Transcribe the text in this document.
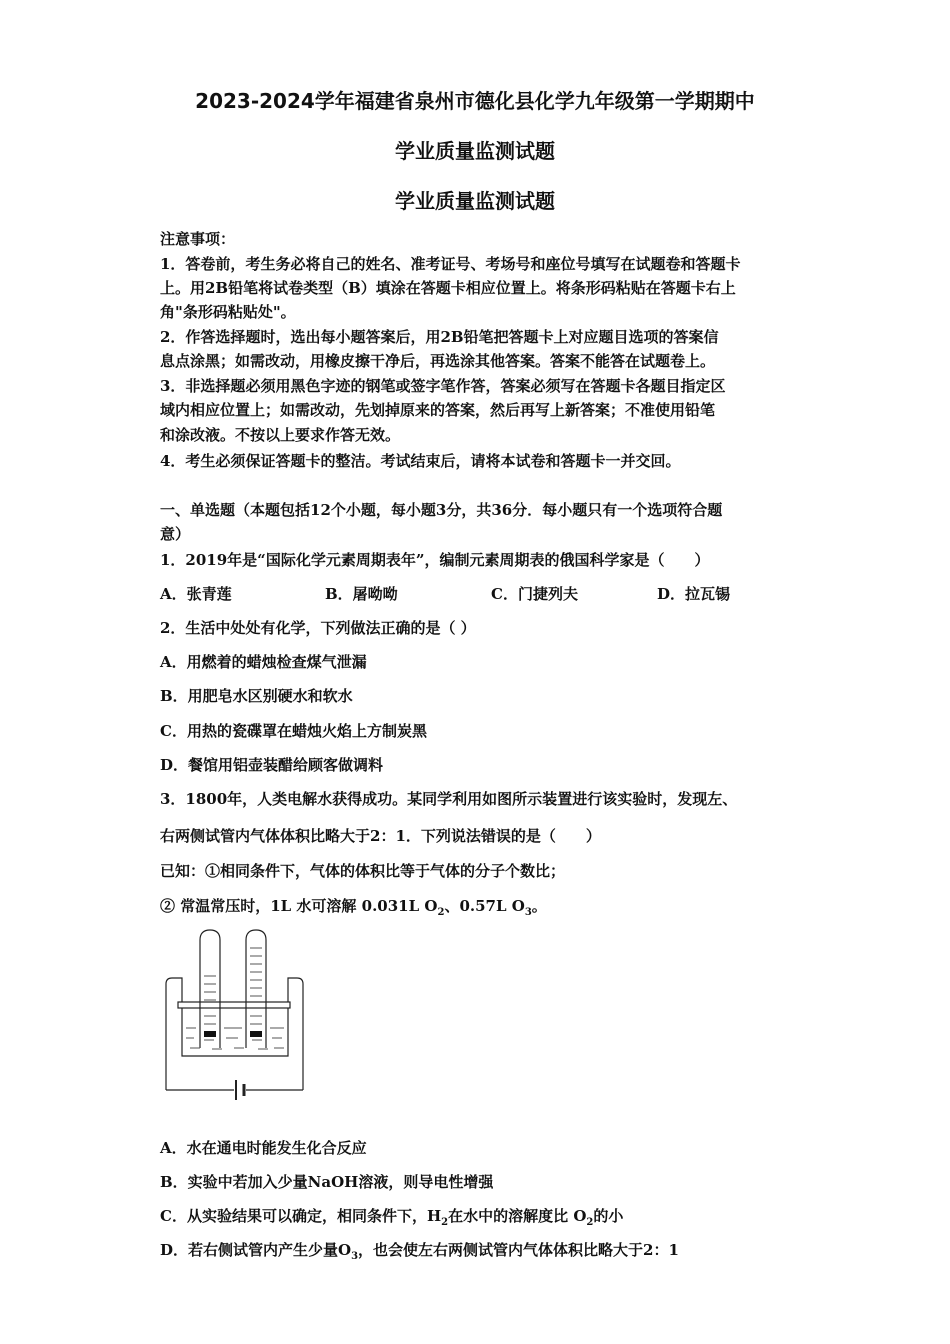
2023-2024学年福建省泉州市德化县化学九年级第一学期期中
学业质量监测试题
学业质量监测试题
注意事项：
1．答卷前，考生务必将自己的姓名、准考证号、考场号和座位号填写在试题卷和答题卡
上。用2B铅笔将试卷类型（B）填涂在答题卡相应位置上。将条形码粘贴在答题卡右上
角"条形码粘贴处"。
2．作答选择题时，选出每小题答案后，用2B铅笔把答题卡上对应题目选项的答案信
息点涂黑；如需改动，用橡皮擦干净后，再选涂其他答案。答案不能答在试题卷上。
3．非选择题必须用黑色字迹的钢笔或签字笔作答，答案必须写在答题卡各题目指定区
域内相应位置上；如需改动，先划掉原来的答案，然后再写上新答案；不准使用铅笔
和涂改液。不按以上要求作答无效。
4．考生必须保证答题卡的整洁。考试结束后，请将本试卷和答题卡一并交回。
一、单选题（本题包括12个小题，每小题3分，共36分．每小题只有一个选项符合题
意）
1．2019年是“国际化学元素周期表年”，编制元素周期表的俄国科学家是（　　）
A．张青莲	B．屠呦呦	C．门捷列夫	D．拉瓦锡
2．生活中处处有化学，下列做法正确的是（ ）
A．用燃着的蜡烛检查煤气泄漏
B．用肥皂水区别硬水和软水
C．用热的瓷碟罩在蜡烛火焰上方制炭黑
D．餐馆用铝壶装醋给顾客做调料
3．1800年，人类电解水获得成功。某同学利用如图所示装置进行该实验时，发现左、
右两侧试管内气体体积比略大于2：1．下列说法错误的是（　　）
已知：①相同条件下，气体的体积比等于气体的分子个数比；
② 常温常压时，1L 水可溶解 0.031L $O_2$、0.57L $O_3$。
A．水在通电时能发生化合反应
B．实验中若加入少量NaOH溶液，则导电性增强
C．从实验结果可以确定，相同条件下，$H_2$在水中的溶解度比 $O_2$的小
D．若右侧试管内产生少量$O_3$，也会使左右两侧试管内气体体积比略大于2：1
